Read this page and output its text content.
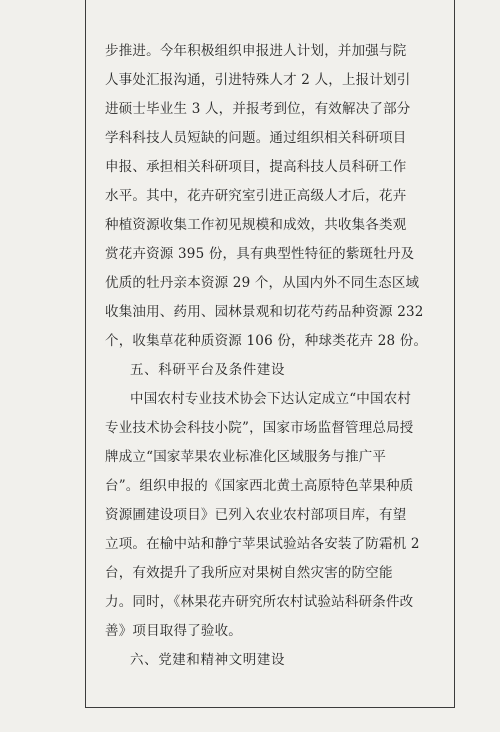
步推进。今年积极组织申报进人计划，并加强与院
人事处汇报沟通，引进特殊人才 2 人，上报计划引
进硕士毕业生 3 人，并报考到位，有效解决了部分
学科科技人员短缺的问题。通过组织相关科研项目
申报、承担相关科研项目，提高科技人员科研工作
水平。其中，花卉研究室引进正高级人才后，花卉
种植资源收集工作初见规模和成效，共收集各类观
赏花卉资源 395 份，具有典型性特征的紫斑牡丹及
优质的牡丹亲本资源 29 个，从国内外不同生态区域
收集油用、药用、园林景观和切花芍药品种资源 232
个，收集草花种质资源 106 份，种球类花卉 28 份。
五、科研平台及条件建设
中国农村专业技术协会下达认定成立“中国农村
专业技术协会科技小院”，国家市场监督管理总局授
牌成立“国家苹果农业标准化区域服务与推广平
台”。组织申报的《国家西北黄土高原特色苹果种质
资源圃建设项目》已列入农业农村部项目库，有望
立项。在榆中站和静宁苹果试验站各安装了防霜机 2
台，有效提升了我所应对果树自然灾害的防空能
力。同时，《林果花卉研究所农村试验站科研条件改
善》项目取得了验收。
六、党建和精神文明建设
